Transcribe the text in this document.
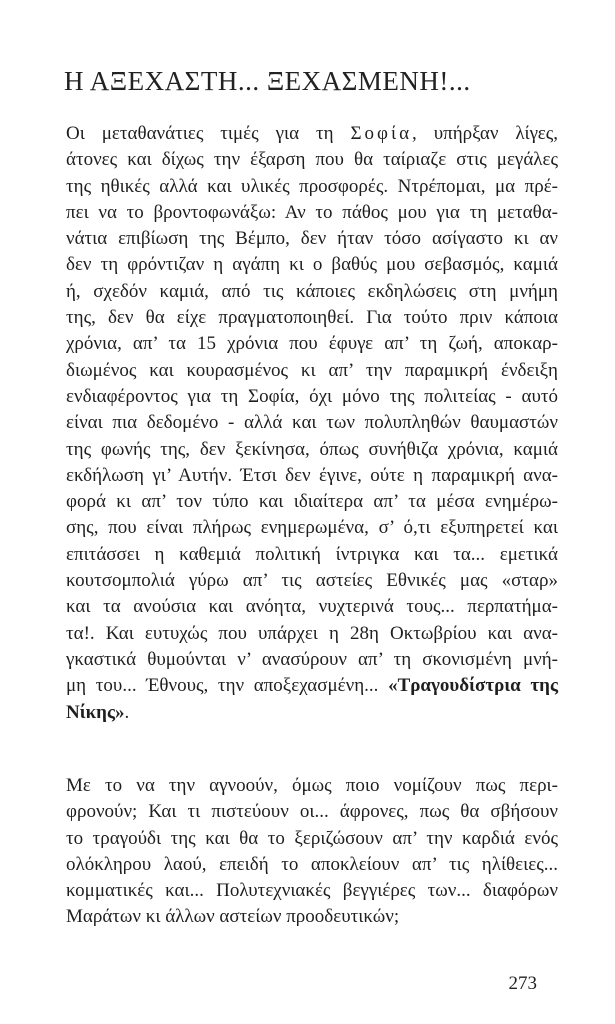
Η ΑΞΕΧΑΣΤΗ... ΞΕΧΑΣΜΕΝΗ!...
Οι μεταθανάτιες τιμές για τη Σοφία, υπήρξαν λίγες,
άτονες και δίχως την έξαρση που θα ταίριαζε στις μεγάλες
της ηθικές αλλά και υλικές προσφορές. Ντρέπομαι, μα πρέ-
πει να το βροντοφωνάξω: Αν το πάθος μου για τη μεταθα-
νάτια επιβίωση της Βέμπο, δεν ήταν τόσο ασίγαστο κι αν
δεν τη φρόντιζαν η αγάπη κι ο βαθύς μου σεβασμός, καμιά
ή, σχεδόν καμιά, από τις κάποιες εκδηλώσεις στη μνήμη
της, δεν θα είχε πραγματοποιηθεί. Για τούτο πριν κάποια
χρόνια, απ’ τα 15 χρόνια που έφυγε απ’ τη ζωή, αποκαρ-
διωμένος και κουρασμένος κι απ’ την παραμικρή ένδειξη
ενδιαφέροντος για τη Σοφία, όχι μόνο της πολιτείας - αυτό
είναι πια δεδομένο - αλλά και των πολυπληθών θαυμαστών
της φωνής της, δεν ξεκίνησα, όπως συνήθιζα χρόνια, καμιά
εκδήλωση γι’ Αυτήν. Έτσι δεν έγινε, ούτε η παραμικρή ανα-
φορά κι απ’ τον τύπο και ιδιαίτερα απ’ τα μέσα ενημέρω-
σης, που είναι πλήρως ενημερωμένα, σ’ ό,τι εξυπηρετεί και
επιτάσσει η καθεμιά πολιτική ίντριγκα και τα... εμετικά
κουτσομπολιά γύρω απ’ τις αστείες Εθνικές μας «σταρ»
και τα ανούσια και ανόητα, νυχτερινά τους... περπατήμα-
τα!. Και ευτυχώς που υπάρχει η 28η Οκτωβρίου και ανα-
γκαστικά θυμούνται ν’ ανασύρουν απ’ τη σκονισμένη μνή-
μη του... Έθνους, την αποξεχασμένη... «Τραγουδίστρια της
Νίκης».
Με το να την αγνοούν, όμως ποιο νομίζουν πως περι-
φρονούν; Και τι πιστεύουν οι... άφρονες, πως θα σβήσουν
το τραγούδι της και θα το ξεριζώσουν απ’ την καρδιά ενός
ολόκληρου λαού, επειδή το αποκλείουν απ’ τις ηλίθειες...
κομματικές και... Πολυτεχνιακές βεγγιέρες των... διαφόρων
Μαράτων κι άλλων αστείων προοδευτικών;
273
